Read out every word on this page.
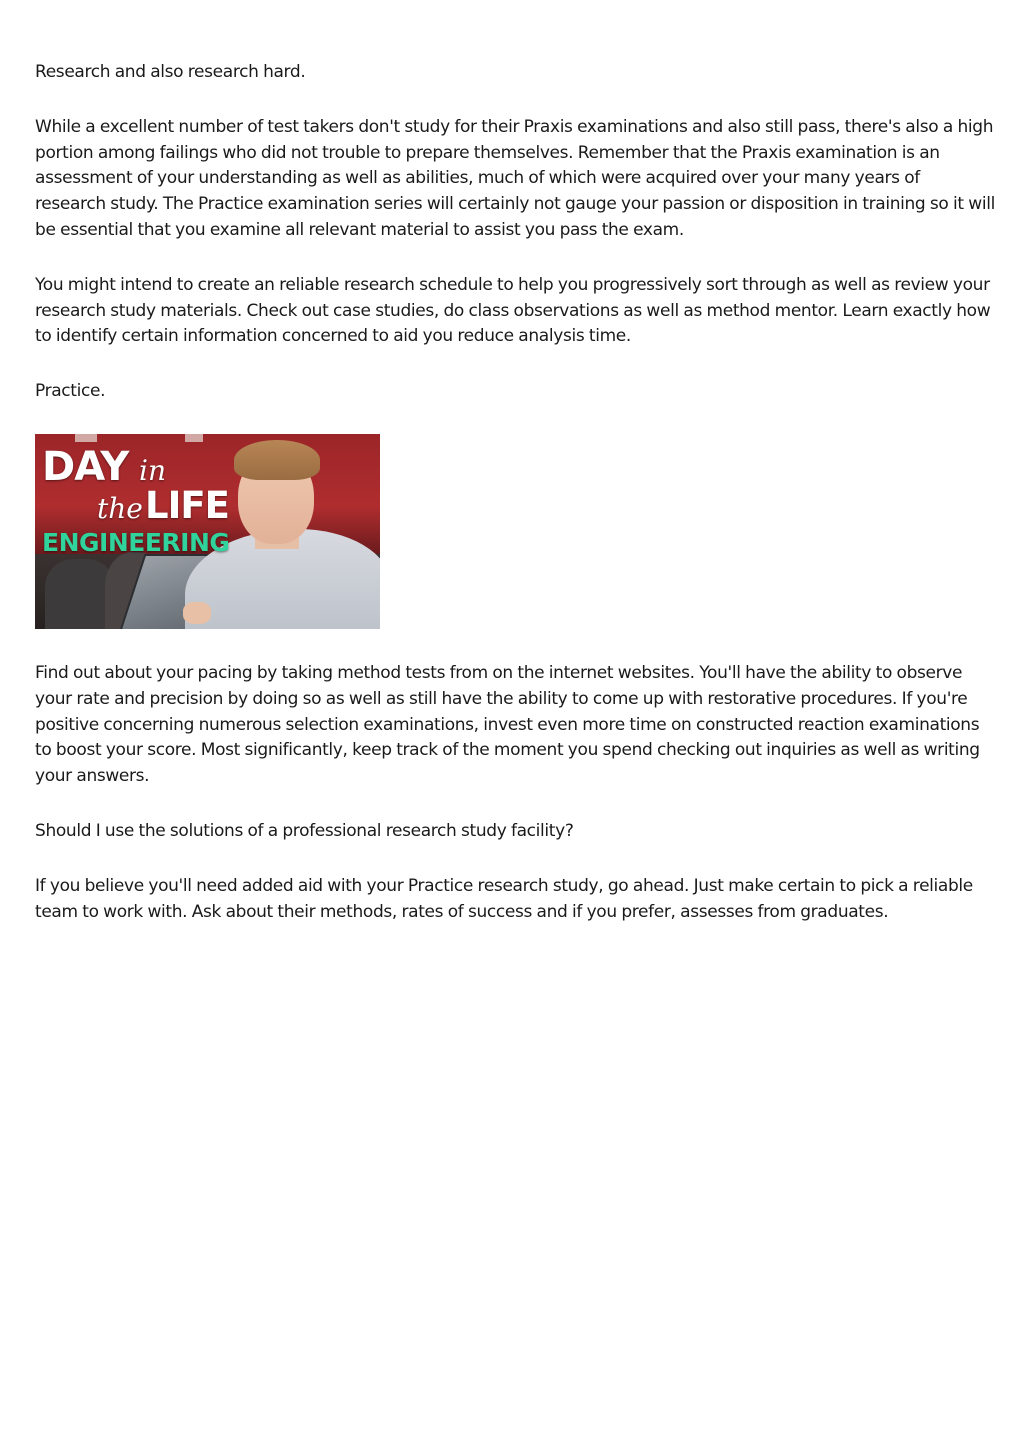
Research and also research hard.

While a excellent number of test takers don't study for their Praxis examinations and also still pass, there's also a high portion among failings who did not trouble to prepare themselves. Remember that the Praxis examination is an assessment of your understanding as well as abilities, much of which were acquired over your many years of research study. The Practice examination series will certainly not gauge your passion or disposition in training so it will be essential that you examine all relevant material to assist you pass the exam.

You might intend to create an reliable research schedule to help you progressively sort through as well as review your research study materials. Check out case studies, do class observations as well as method mentor. Learn exactly how to identify certain information concerned to aid you reduce analysis time.

Practice.

DAY in
the LIFE
ENGINEERING

Find out about your pacing by taking method tests from on the internet websites. You'll have the ability to observe your rate and precision by doing so as well as still have the ability to come up with restorative procedures. If you're positive concerning numerous selection examinations, invest even more time on constructed reaction examinations to boost your score. Most significantly, keep track of the moment you spend checking out inquiries as well as writing your answers.

Should I use the solutions of a professional research study facility?

If you believe you'll need added aid with your Practice research study, go ahead. Just make certain to pick a reliable team to work with. Ask about their methods, rates of success and if you prefer, assesses from graduates.
